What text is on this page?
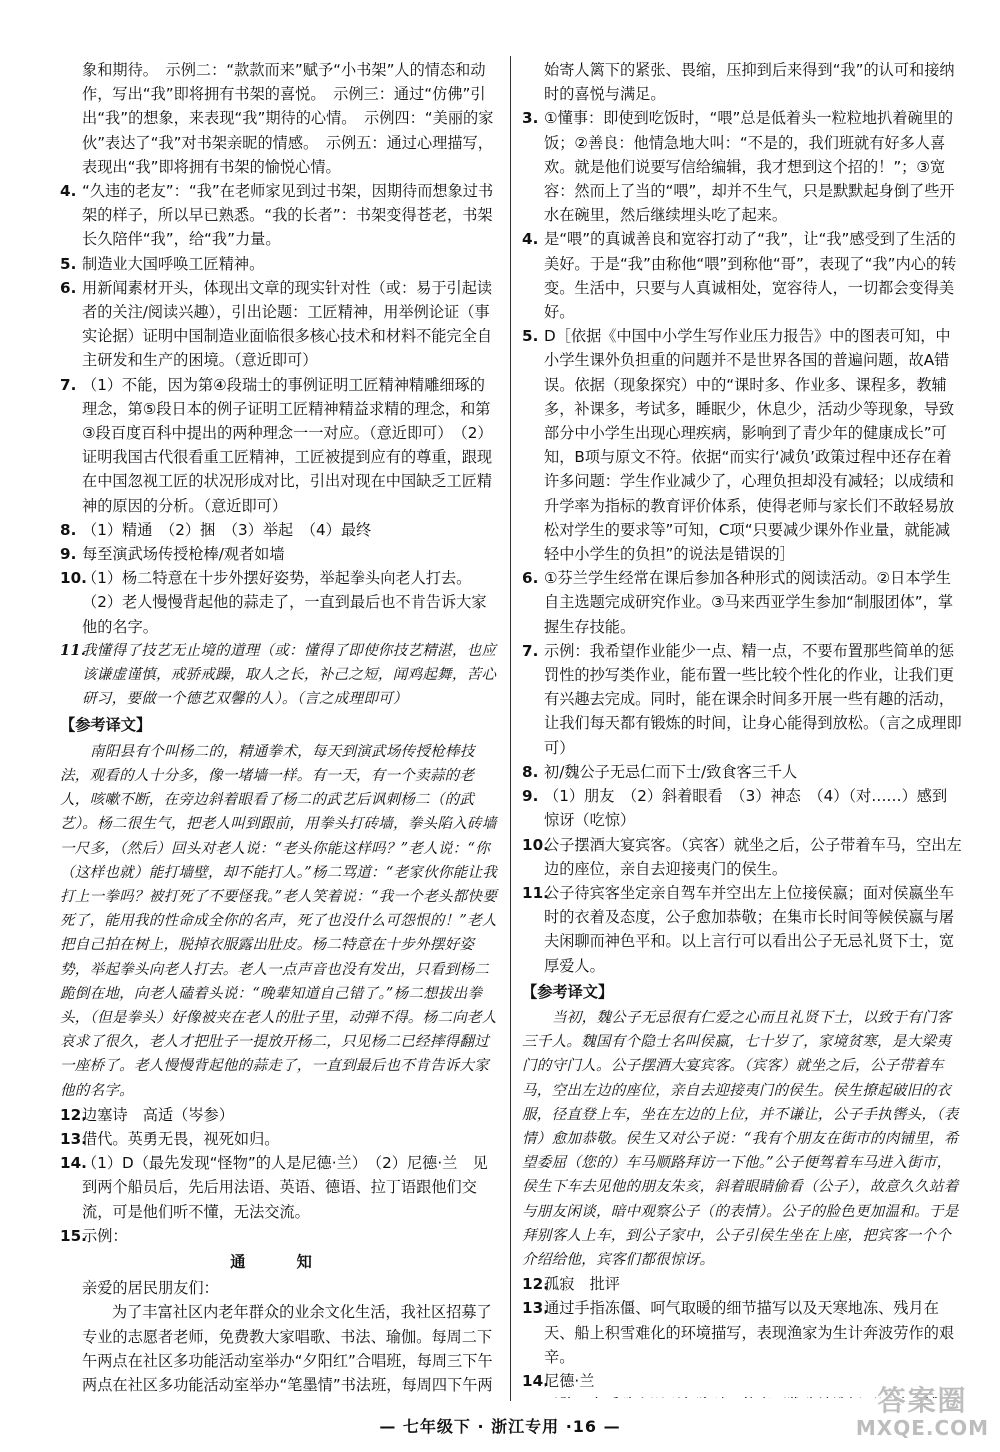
象和期待。　示例二：“款款而来”赋予“小书架”人的情态和动作，写出“我”即将拥有书架的喜悦。　示例三：通过“仿佛”引出“我”的想象，来表现“我”期待的心情。　示例四：“美丽的家伙”表达了“我”对书架亲昵的情感。　示例五：通过心理描写，表现出“我”即将拥有书架的愉悦心情。
4. “久违的老友”：“我”在老师家见到过书架，因期待而想象过书架的样子，所以早已熟悉。“我的长者”：书架变得苍老，书架长久陪伴“我”，给“我”力量。
5. 制造业大国呼唤工匠精神。
6. 用新闻素材开头，体现出文章的现实针对性（或：易于引起读者的关注/阅读兴趣），引出论题：工匠精神，用举例论证（事实论据）证明中国制造业面临很多核心技术和材料不能完全自主研发和生产的困境。（意近即可）
7. （1）不能，因为第④段瑞士的事例证明工匠精神精雕细琢的理念，第⑤段日本的例子证明工匠精神精益求精的理念，和第③段百度百科中提出的两种理念一一对应。（意近即可）　（2）证明我国古代很看重工匠精神，工匠被提到应有的尊重，跟现在中国忽视工匠的状况形成对比，引出对现在中国缺乏工匠精神的原因的分析。（意近即可）
8. （1）精通　（2）捆　（3）举起　（4）最终
9. 每至演武场传授枪棒/观者如墙
10.
（1）杨二特意在十步外摆好姿势，举起拳头向老人打去。
（2）老人慢慢背起他的蒜走了，一直到最后也不肯告诉大家他的名字。
11.
我懂得了技艺无止境的道理（或：懂得了即使你技艺精湛，也应该谦虚谨慎，戒骄戒躁，取人之长，补己之短，闻鸡起舞，苦心研习，要做一个德艺双馨的人）。（言之成理即可）
【参考译文】
南阳县有个叫杨二的，精通拳术，每天到演武场传授枪棒技法，观看的人十分多，像一堵墙一样。有一天，有一个卖蒜的老人，咳嗽不断，在旁边斜着眼看了杨二的武艺后讽刺杨二（的武艺）。杨二很生气，把老人叫到跟前，用拳头打砖墙，拳头陷入砖墙一尺多，（然后）回头对老人说：“老头你能这样吗？”老人说：“你（这样也就）能打墙壁，却不能打人。”杨二骂道：“老家伙你能让我打上一拳吗？被打死了不要怪我。”老人笑着说：“我一个老头都快要死了，能用我的性命成全你的名声，死了也没什么可怨恨的！”老人把自己拍在树上，脱掉衣服露出肚皮。杨二特意在十步外摆好姿势，举起拳头向老人打去。老人一点声音也没有发出，只看到杨二跪倒在地，向老人磕着头说：“晚辈知道自己错了。”杨二想拔出拳头，（但是拳头）好像被夹在老人的肚子里，动弹不得。杨二向老人哀求了很久，老人才把肚子一提放开杨二，只见杨二已经摔得翻过一座桥了。老人慢慢背起他的蒜走了，一直到最后也不肯告诉大家他的名字。
12.
边塞诗　高适（岑参）
13.
借代。英勇无畏，视死如归。
14.
（1）D（最先发现“怪物”的人是尼德·兰）　（2）尼德·兰　见到两个船员后，先后用法语、英语、德语、拉丁语跟他们交流，可是他们听不懂，无法交流。
15.
示例：
通　知
亲爱的居民朋友们：
为了丰富社区内老年群众的业余文化生活，我社区招募了专业的志愿者老师，免费教大家唱歌、书法、瑜伽。每周二下午两点在社区多功能活动室举办“夕阳红”合唱班，每周三下午两点在社区多功能活动室举办“笔墨情”书法班，每周四下午两
始寄人篱下的紧张、畏缩，压抑到后来得到“我”的认可和接纳时的喜悦与满足。
3. ①懂事：即使到吃饭时，“喂”总是低着头一粒粒地扒着碗里的饭；②善良：他情急地大叫：“不是的，我们班就有好多人喜欢。就是他们说要写信给编辑，我才想到这个招的！”；③宽容：然而上了当的“喂”，却并不生气，只是默默起身倒了些开水在碗里，然后继续埋头吃了起来。
4. 是“喂”的真诚善良和宽容打动了“我”，让“我”感受到了生活的美好。于是“我”由称他“喂”到称他“哥”，表现了“我”内心的转变。生活中，只要与人真诚相处，宽容待人，一切都会变得美好。
5. D［依据《中国中小学生写作业压力报告》中的图表可知，中小学生课外负担重的问题并不是世界各国的普遍问题，故A错误。依据（现象探究）中的“课时多、作业多、课程多，教辅多，补课多，考试多，睡眠少，休息少，活动少等现象，导致部分中小学生出现心理疾病，影响到了青少年的健康成长”可知，B项与原文不符。依据“而实行‘减负’政策过程中还存在着许多问题：学生作业减少了，心理负担却没有减轻；以成绩和升学率为指标的教育评价体系，使得老师与家长们不敢轻易放松对学生的要求等”可知，C项“只要减少课外作业量，就能减轻中小学生的负担”的说法是错误的］
6. ①芬兰学生经常在课后参加各种形式的阅读活动。②日本学生自主选题完成研究作业。③马来西亚学生参加“制服团体”，掌握生存技能。
7. 示例：我希望作业能少一点、精一点，不要布置那些简单的惩罚性的抄写类作业，能布置一些比较个性化的作业，让我们更有兴趣去完成。同时，能在课余时间多开展一些有趣的活动，让我们每天都有锻炼的时间，让身心能得到放松。（言之成理即可）
8. 初/魏公子无忌仁而下士/致食客三千人
9. （1）朋友　（2）斜着眼看　（3）神态　（4）（对……）感到惊讶（吃惊）
10.
公子摆酒大宴宾客。（宾客）就坐之后，公子带着车马，空出左边的座位，亲自去迎接夷门的侯生。
11.
公子待宾客坐定亲自驾车并空出左上位接侯嬴；面对侯嬴坐车时的衣着及态度，公子愈加恭敬；在集市长时间等候侯嬴与屠夫闲聊而神色平和。以上言行可以看出公子无忌礼贤下士，宽厚爱人。
【参考译文】
当初，魏公子无忌很有仁爱之心而且礼贤下士，以致于有门客三千人。魏国有个隐士名叫侯嬴，七十岁了，家境贫寒，是大梁夷门的守门人。公子摆酒大宴宾客。（宾客）就坐之后，公子带着车马，空出左边的座位，亲自去迎接夷门的侯生。侯生撩起破旧的衣服，径直登上车，坐在左边的上位，并不谦让，公子手执辔头，（表情）愈加恭敬。侯生又对公子说：“我有个朋友在街市的肉铺里，希望委屈（您的）车马顺路拜访一下他。”公子便驾着车马进入街市，侯生下车去见他的朋友朱亥，斜着眼睛偷看（公子），故意久久站着与朋友闲谈，暗中观察公子（的表情）。公子的脸色更加温和。于是拜别客人上车，到公子家中，公子引侯生坐在上座，把宾客一个个介绍给他，宾客们都很惊讶。
12.
孤寂　批评
13.
通过手指冻僵、呵气取暖的细节描写以及天寒地冻、残月在天、船上积雪难化的环境描写，表现渔家为生计奔波劳作的艰辛。
14.
尼德·兰
— 七年级下 · 浙江专用 ·16 —
答案圈
MXQE.COM
